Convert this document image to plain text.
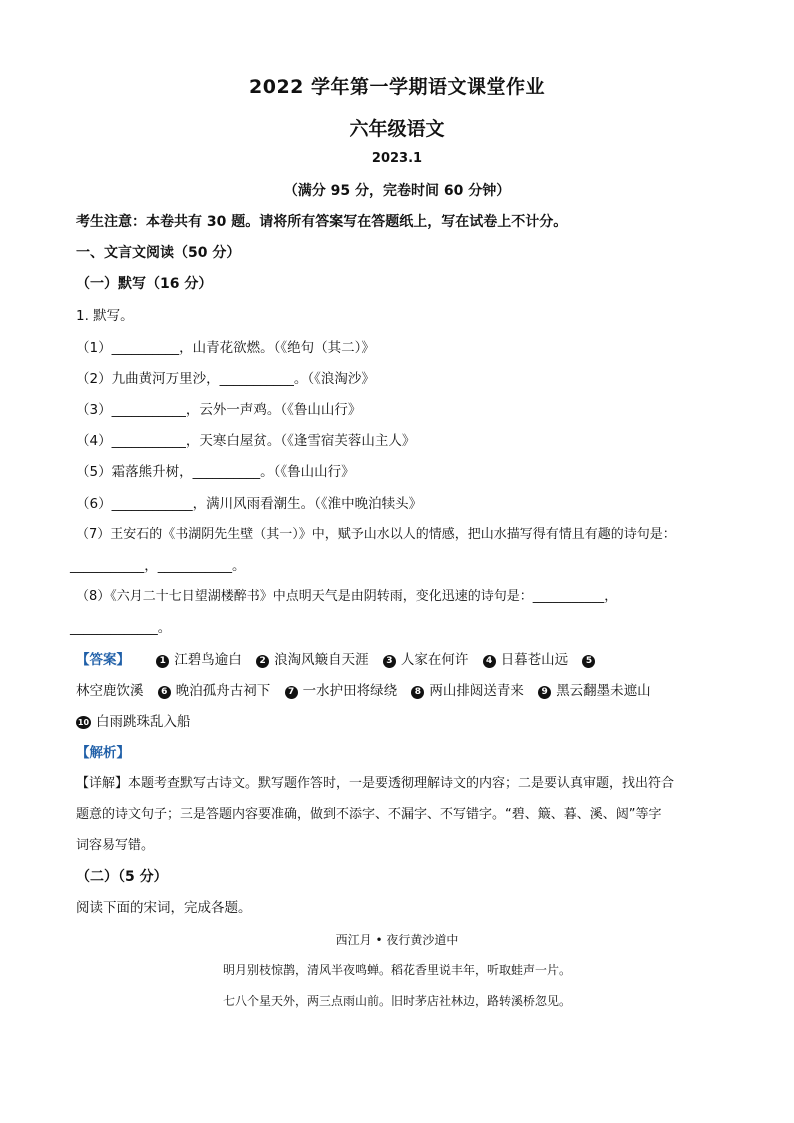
2022 学年第一学期语文课堂作业
六年级语文
2023.1
（满分 95 分，完卷时间 60 分钟）
考生注意：本卷共有 30 题。请将所有答案写在答题纸上，写在试卷上不计分。
一、文言文阅读（50 分）
（一）默写（16 分）
1. 默写。
（1）__________，山青花欲燃。（《绝句（其二）》
（2）九曲黄河万里沙，___________。（《浪淘沙》
（3）___________，云外一声鸡。（《鲁山山行》
（4）___________，天寒白屋贫。（《逢雪宿芙蓉山主人》
（5）霜落熊升树，__________。（《鲁山山行》
（6）____________，满川风雨看潮生。（《淮中晚泊犊头》
（7）王安石的《书湖阴先生壁（其一）》中，赋予山水以人的情感，把山水描写得有情且有趣的诗句是：
___________，___________。
（8）《六月二十七日望湖楼醉书》中点明天气是由阴转雨，变化迅速的诗句是：___________，
_____________。
【答案】	1 江碧鸟逾白 2 浪淘风簸自天涯 3 人家在何许 4 日暮苍山远 5
林空鹿饮溪 6 晚泊孤舟古祠下 7 一水护田将绿绕 8 两山排闼送青来 9 黑云翻墨未遮山
10 白雨跳珠乱入船
【解析】
【详解】本题考查默写古诗文。默写题作答时，一是要透彻理解诗文的内容；二是要认真审题，找出符合
题意的诗文句子；三是答题内容要准确，做到不添字、不漏字、不写错字。“碧、簸、暮、溪、闼”等字
词容易写错。
（二）（5 分）
阅读下面的宋词，完成各题。
西江月 • 夜行黄沙道中
明月别枝惊鹊，清风半夜鸣蝉。稻花香里说丰年，听取蛙声一片。
七八个星天外，两三点雨山前。旧时茅店社林边，路转溪桥忽见。
